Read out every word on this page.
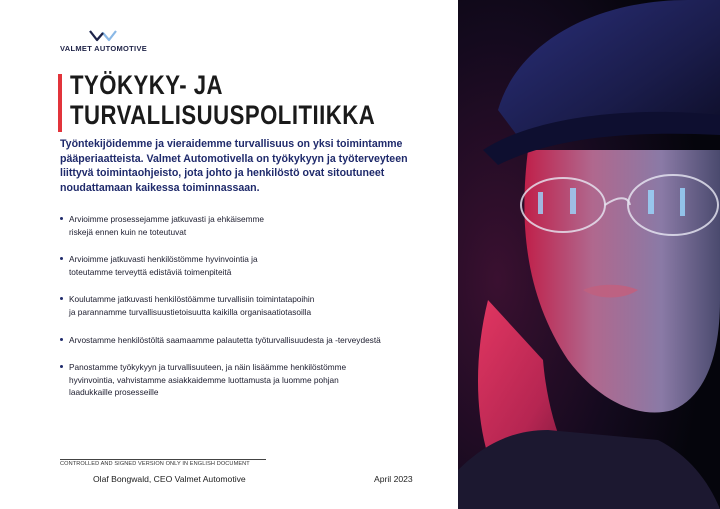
VALMET AUTOMOTIVE
TYÖKYKY- JA
TURVALLISUUSPOLITIIKKA
Työntekijöidemme ja vieraidemme turvallisuus on yksi toimintamme pääperiaatteista. Valmet Automotivella on työkykyyn ja työterveyteen liittyvä toimintaohjeisto, jota johto ja henkilöstö ovat sitoutuneet noudattamaan kaikessa toiminnassaan.
Arvioimme prosessejamme jatkuvasti ja ehkäisemme
riskejä ennen kuin ne toteutuvat
Arvioimme jatkuvasti henkilöstömme hyvinvointia ja
toteutamme terveyttä edistäviä toimenpiteitä
Koulutamme jatkuvasti henkilöstöämme turvallisiin toimintatapoihin
ja parannamme turvallisuustietoisuutta kaikilla organisaatiotasoilla
Arvostamme henkilöstöltä saamaamme palautetta työturvallisuudesta ja -terveydestä
Panostamme työkykyyn ja turvallisuuteen, ja näin lisäämme henkilöstömme
hyvinvointia, vahvistamme asiakkaidemme luottamusta ja luomme pohjan
laadukkaille prosesseille
CONTROLLED AND SIGNED VERSION ONLY IN ENGLISH DOCUMENT
Olaf Bongwald, CEO Valmet Automotive	April 2023
